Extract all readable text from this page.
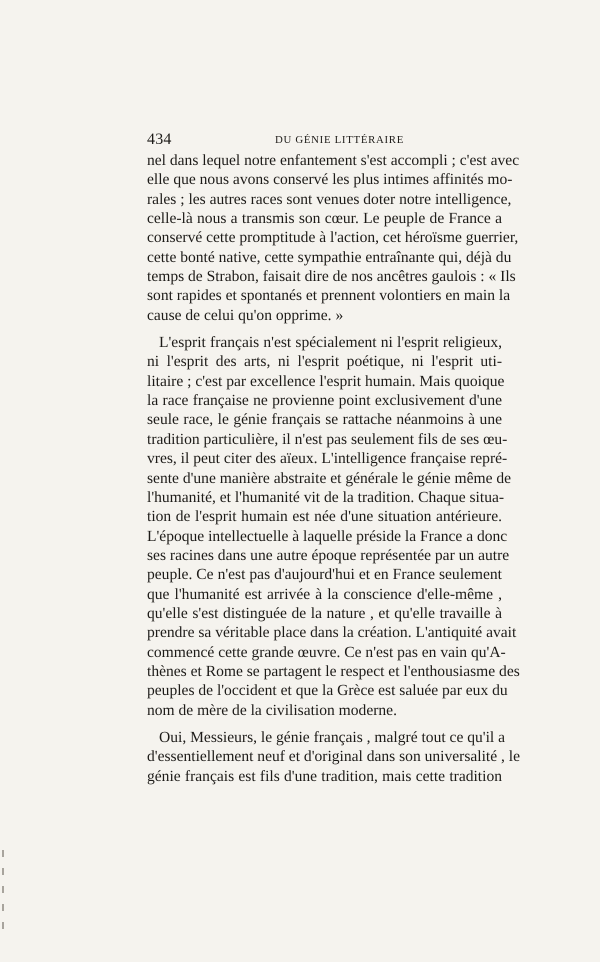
434	DU GÉNIE LITTÉRAIRE
nel dans lequel notre enfantement s'est accompli ; c'est avec
elle que nous avons conservé les plus intimes affinités mo-
rales ; les autres races sont venues doter notre intelligence,
celle-là nous a transmis son cœur. Le peuple de France a
conservé cette promptitude à l'action, cet héroïsme guerrier,
cette bonté native, cette sympathie entraînante qui, déjà du
temps de Strabon, faisait dire de nos ancêtres gaulois : « Ils
sont rapides et spontanés et prennent volontiers en main la
cause de celui qu'on opprime. »
L'esprit français n'est spécialement ni l'esprit religieux,
ni l'esprit des arts, ni l'esprit poétique, ni l'esprit uti-
litaire ; c'est par excellence l'esprit humain. Mais quoique
la race française ne provienne point exclusivement d'une
seule race, le génie français se rattache néanmoins à une
tradition particulière, il n'est pas seulement fils de ses œu-
vres, il peut citer des aïeux. L'intelligence française repré-
sente d'une manière abstraite et générale le génie même de
l'humanité, et l'humanité vit de la tradition. Chaque situa-
tion de l'esprit humain est née d'une situation antérieure.
L'époque intellectuelle à laquelle préside la France a donc
ses racines dans une autre époque représentée par un autre
peuple. Ce n'est pas d'aujourd'hui et en France seulement
que l'humanité est arrivée à la conscience d'elle-même ,
qu'elle s'est distinguée de la nature , et qu'elle travaille à
prendre sa véritable place dans la création. L'antiquité avait
commencé cette grande œuvre. Ce n'est pas en vain qu'A-
thènes et Rome se partagent le respect et l'enthousiasme des
peuples de l'occident et que la Grèce est saluée par eux du
nom de mère de la civilisation moderne.
Oui, Messieurs, le génie français , malgré tout ce qu'il a
d'essentiellement neuf et d'original dans son universalité , le
génie français est fils d'une tradition, mais cette tradition
